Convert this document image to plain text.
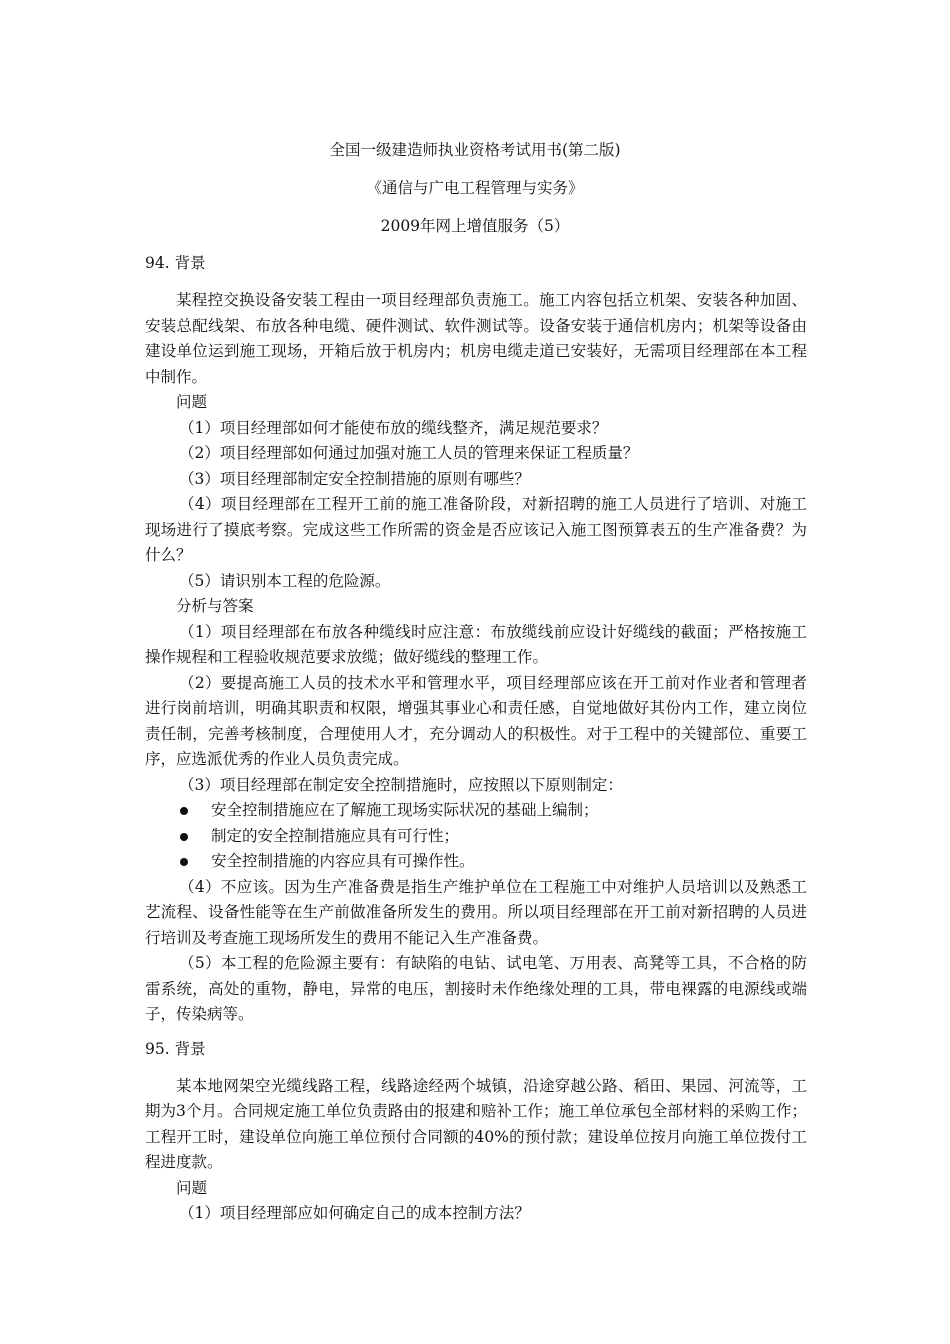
全国一级建造师执业资格考试用书(第二版)
《通信与广电工程管理与实务》
2009年网上增值服务（5）
94. 背景

某程控交换设备安装工程由一项目经理部负责施工。施工内容包括立机架、安装各种加固、安装总配线架、布放各种电缆、硬件测试、软件测试等。设备安装于通信机房内；机架等设备由建设单位运到施工现场，开箱后放于机房内；机房电缆走道已安装好，无需项目经理部在本工程中制作。

问题

（1）项目经理部如何才能使布放的缆线整齐，满足规范要求？

（2）项目经理部如何通过加强对施工人员的管理来保证工程质量？

（3）项目经理部制定安全控制措施的原则有哪些？

（4）项目经理部在工程开工前的施工准备阶段，对新招聘的施工人员进行了培训、对施工现场进行了摸底考察。完成这些工作所需的资金是否应该记入施工图预算表五的生产准备费？为什么？

（5）请识别本工程的危险源。

分析与答案

（1）项目经理部在布放各种缆线时应注意：布放缆线前应设计好缆线的截面；严格按施工操作规程和工程验收规范要求放缆；做好缆线的整理工作。

（2）要提高施工人员的技术水平和管理水平，项目经理部应该在开工前对作业者和管理者进行岗前培训，明确其职责和权限，增强其事业心和责任感，自觉地做好其份内工作，建立岗位责任制，完善考核制度，合理使用人才，充分调动人的积极性。对于工程中的关键部位、重要工序，应选派优秀的作业人员负责完成。

（3）项目经理部在制定安全控制措施时，应按照以下原则制定：

安全控制措施应在了解施工现场实际状况的基础上编制；
制定的安全控制措施应具有可行性；
安全控制措施的内容应具有可操作性。

（4）不应该。因为生产准备费是指生产维护单位在工程施工中对维护人员培训以及熟悉工艺流程、设备性能等在生产前做准备所发生的费用。所以项目经理部在开工前对新招聘的人员进行培训及考查施工现场所发生的费用不能记入生产准备费。

（5）本工程的危险源主要有：有缺陷的电钻、试电笔、万用表、高凳等工具，不合格的防雷系统，高处的重物，静电，异常的电压，割接时未作绝缘处理的工具，带电裸露的电源线或端子，传染病等。

95. 背景

某本地网架空光缆线路工程，线路途经两个城镇，沿途穿越公路、稻田、果园、河流等，工期为3个月。合同规定施工单位负责路由的报建和赔补工作；施工单位承包全部材料的采购工作；工程开工时，建设单位向施工单位预付合同额的40%的预付款；建设单位按月向施工单位拨付工程进度款。

问题

（1）项目经理部应如何确定自己的成本控制方法？
